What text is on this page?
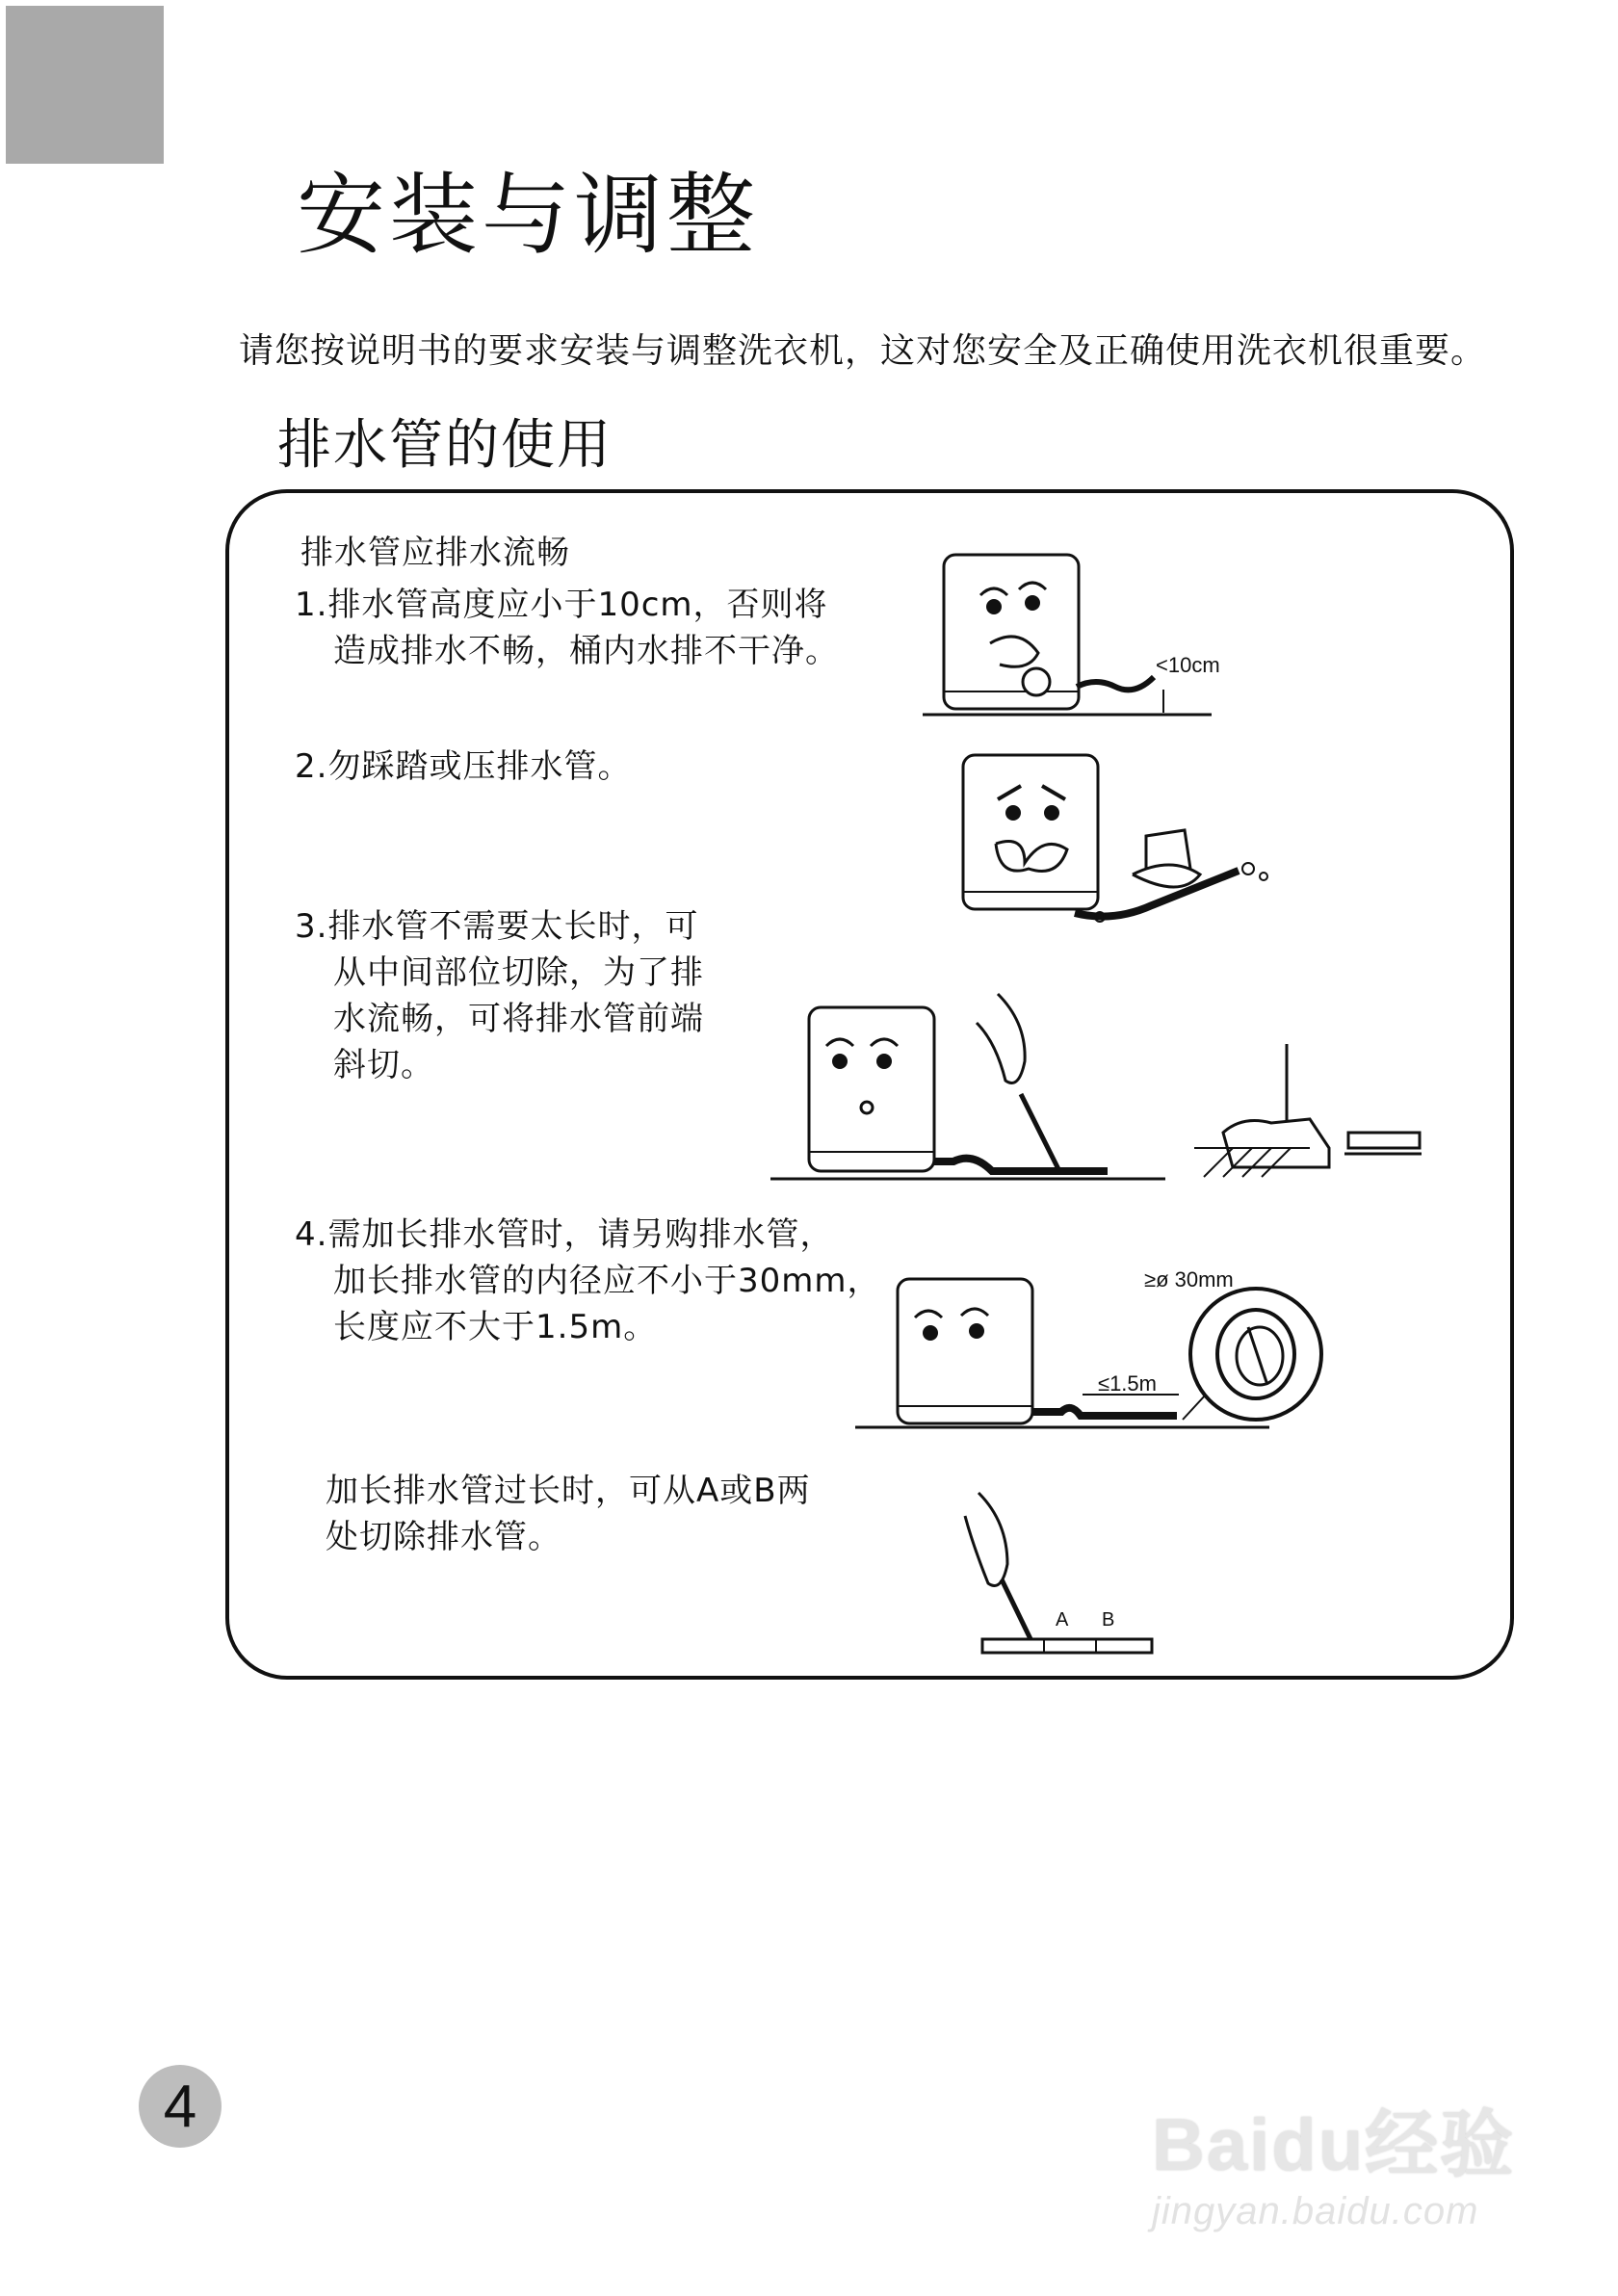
安装与调整
请您按说明书的要求安装与调整洗衣机，这对您安全及正确使用洗衣机很重要。
排水管的使用
排水管应排水流畅
1.排水管高度应小于10cm，否则将
造成排水不畅，桶内水排不干净。
2.勿踩踏或压排水管。
3.排水管不需要太长时，可
从中间部位切除，为了排
水流畅，可将排水管前端
斜切。
4.需加长排水管时，请另购排水管，
加长排水管的内径应不小于30mm，
长度应不大于1.5m。
加长排水管过长时，可从A或B两
处切除排水管。
<10cm
≥ø 30mm
≤1.5m
A B
4	Baidu经验
jingyan.baidu.com
